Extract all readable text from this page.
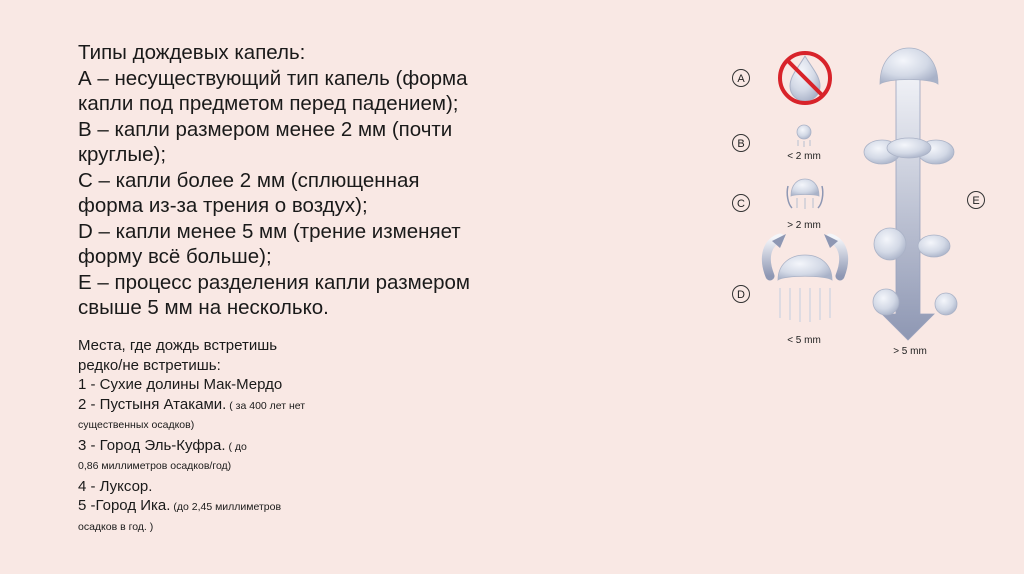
Типы дождевых капель:
А – несуществующий тип капель (форма
капли под предметом перед падением);
В – капли размером менее 2 мм (почти
круглые);
С – капли более 2 мм (сплющенная
форма из-за трения о воздух);
D – капли менее 5 мм (трение изменяет
форму всё больше);
Е – процесс разделения капли размером
свыше 5 мм на несколько.
Места, где дождь встретишь
редко/не встретишь:
1 - Сухие долины Мак-Мердо
2 - Пустыня Атаками. ( за 400 лет нет
существенных осадков)
3 - Город Эль-Куфра. ( до
0,86 миллиметров осадков/год)
4 - Луксор.
5 -Город Ика. (до 2,45 миллиметров
осадков в год. )
A
B
C
D
E
< 2 mm
> 2 mm
< 5 mm
> 5 mm
